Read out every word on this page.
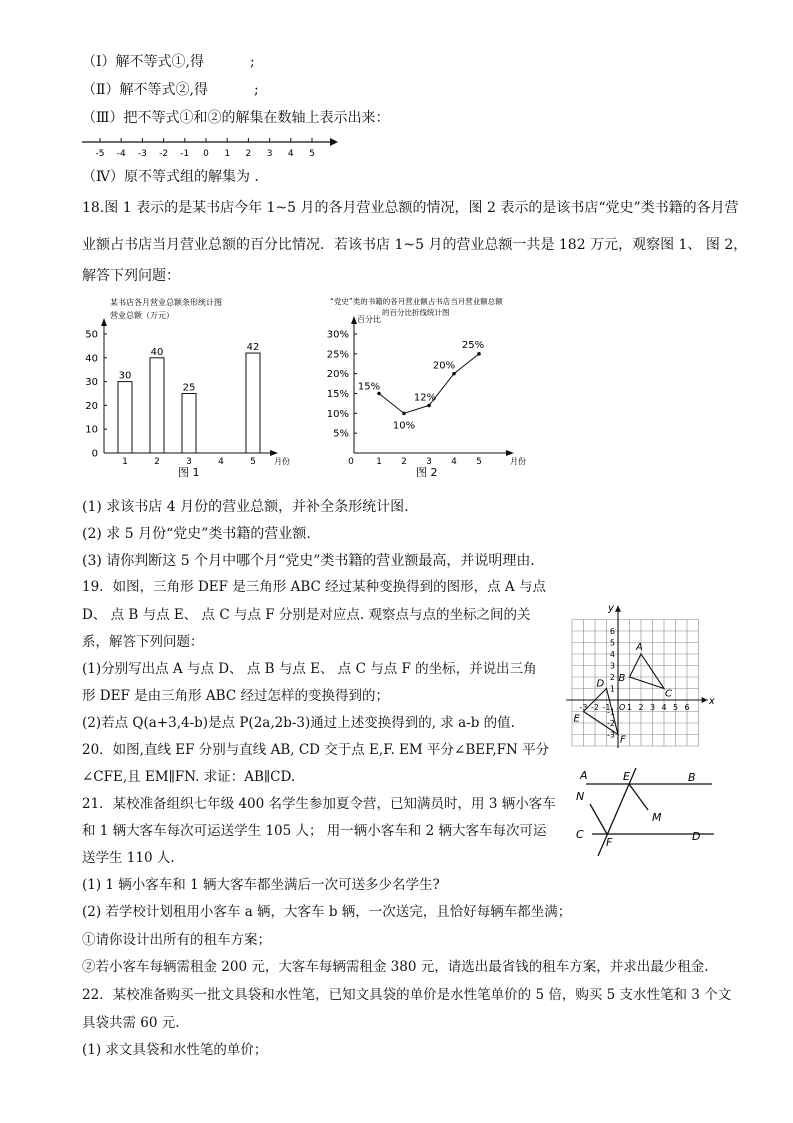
（Ⅰ）解不等式①,得	;
（Ⅱ）解不等式②,得	;
（Ⅲ）把不等式①和②的解集在数轴上表示出来：
-5 -4 -3 -2 -1 0 1 2 3 4 5
（Ⅳ）原不等式组的解集为 .
18.图 1 表示的是某书店今年 1~5 月的各月营业总额的情况，图 2 表示的是该书店“党史”类书籍的各月营
业额占书店当月营业总额的百分比情况．若该书店 1~5 月的营业总额一共是 182 万元，观察图 1、 图 2，
解答下列问题：
某书店各月营业总额条形统计图
营业总额（万元）
月份
0
10
20
30
40
50
1	2	3	4	5
30
40
25
42
图 1
“党史”类的书籍的各月营业额占书店当月营业额总额
的百分比折线统计图
百分比
月份
5%
10%
15%
20%
25%
30%
0 1 2 3 4 5
15%
10%
12%
20%
25%
图 2
(1) 求该书店 4 月份的营业总额，并补全条形统计图.
(2) 求 5 月份“党史”类书籍的营业额.
(3) 请你判断这 5 个月中哪个月“党史”类书籍的营业额最高，并说明理由.
19．如图，三角形 DEF 是三角形 ABC 经过某种变换得到的图形，点 A 与点
D、 点 B 与点 E、 点 C 与点 F 分别是对应点. 观察点与点的坐标之间的关
系，解答下列问题：
(1)分别写出点 A 与点 D、 点 B 与点 E、 点 C 与点 F 的坐标，并说出三角
形 DEF 是由三角形 ABC 经过怎样的变换得到的；
(2)若点 Q(a+3,4-b)是点 P(2a,2b-3)通过上述变换得到的, 求 a-b 的值.
-3 -2 -1 1 2 3 4 5 6
6
5
4
3
2
1
-1
-2
-3
O
x
y
A
B
C
D
E
F
20．如图,直线 EF 分别与直线 AB, CD 交于点 E,F. EM 平分∠BEF,FN 平分
∠CFE,且 EM∥FN. 求证：AB∥CD.	A	E	B
N
M
C
F	D
21．某校准备组织七年级 400 名学生参加夏令营，已知满员时，用 3 辆小客车
和 1 辆大客车每次可运送学生 105 人； 用一辆小客车和 2 辆大客车每次可运
送学生 110 人.
(1) 1 辆小客车和 1 辆大客车都坐满后一次可送多少名学生?
(2) 若学校计划租用小客车 a 辆，大客车 b 辆，一次送完，且恰好每辆车都坐满；
①请你设计出所有的租车方案；
②若小客车每辆需租金 200 元，大客车每辆需租金 380 元，请选出最省钱的租车方案，并求出最少租金.
22．某校准备购买一批文具袋和水性笔，已知文具袋的单价是水性笔单价的 5 倍，购买 5 支水性笔和 3 个文
具袋共需 60 元.
(1) 求文具袋和水性笔的单价；
